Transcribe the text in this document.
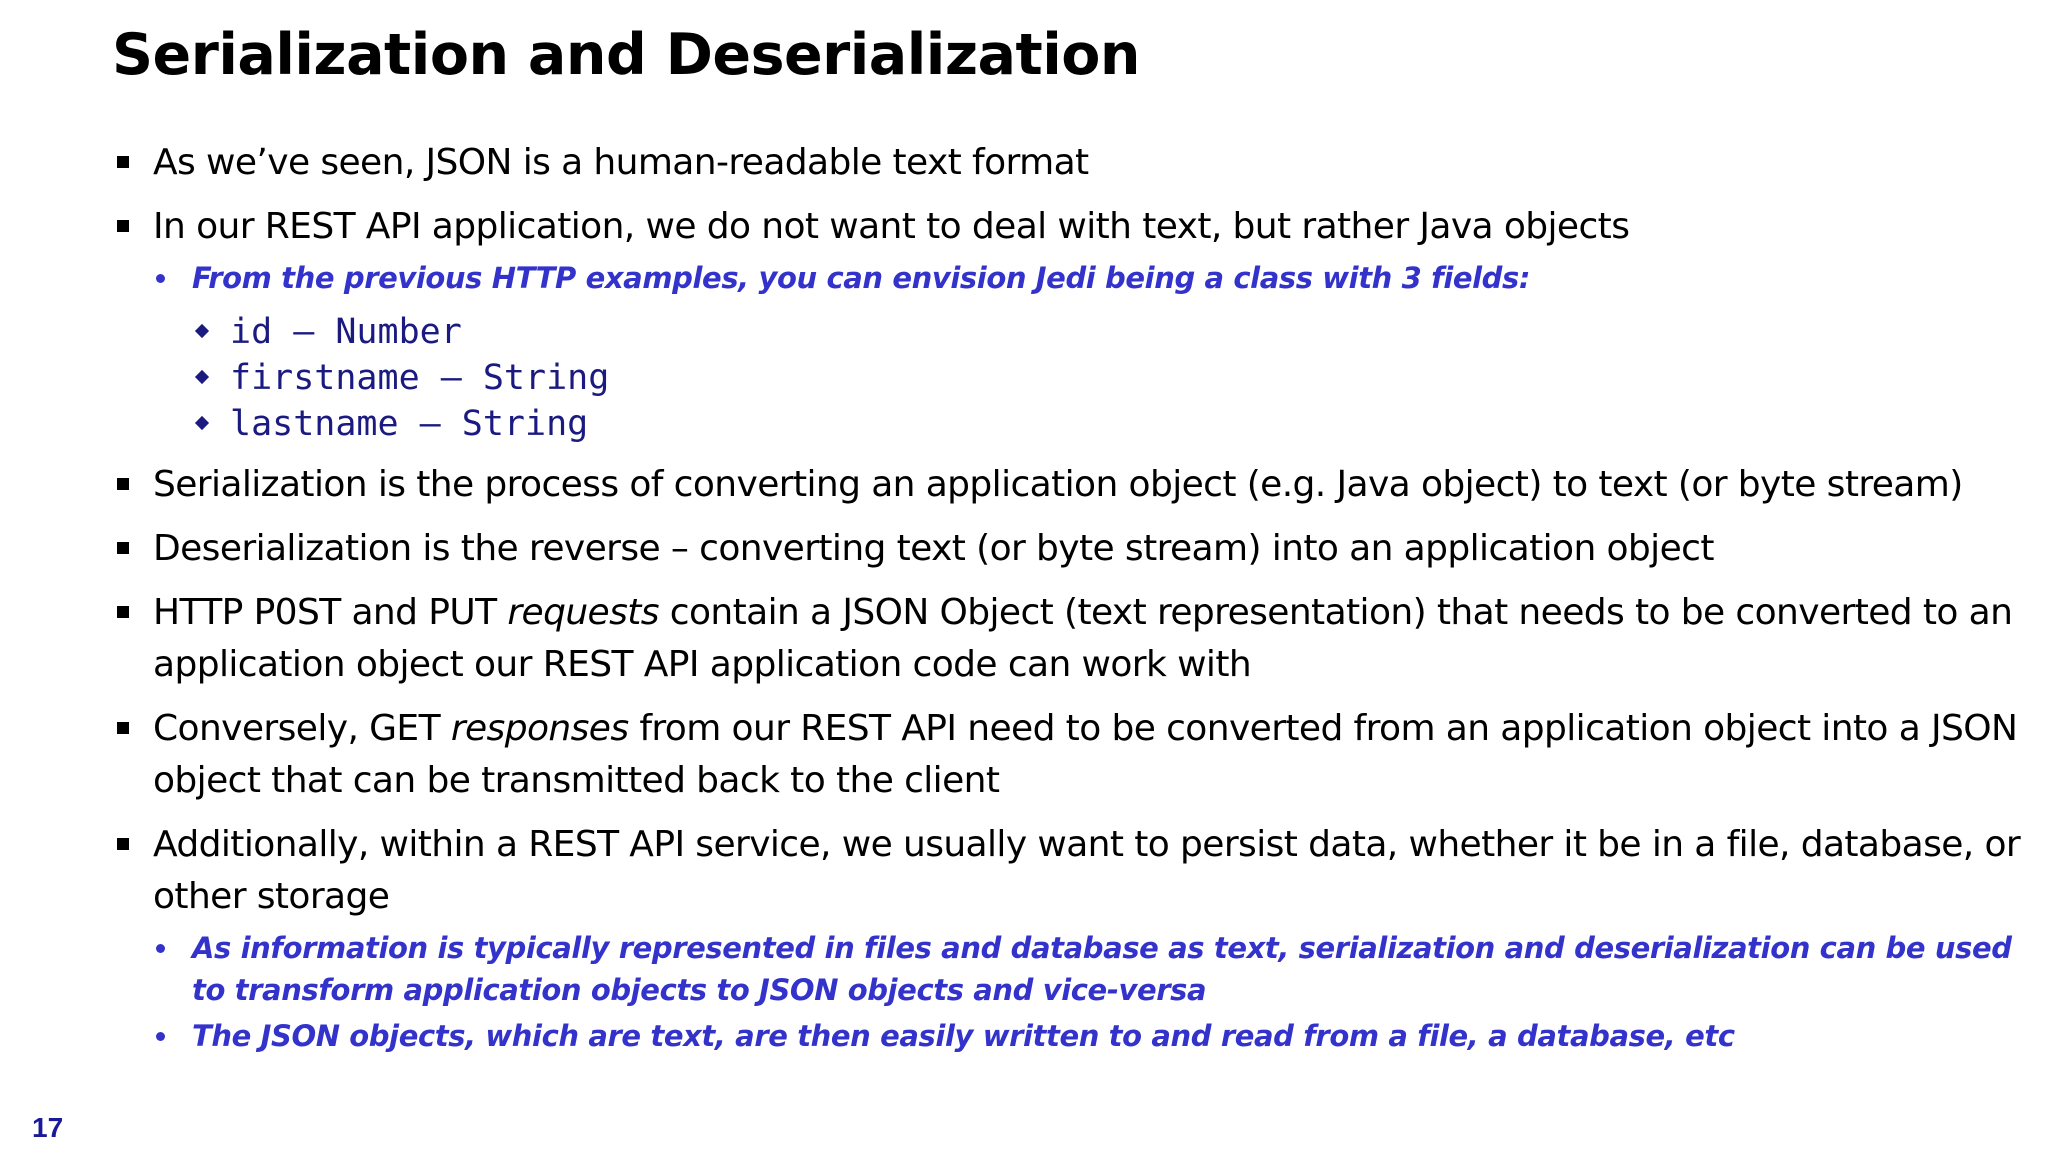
Serialization and Deserialization
As we’ve seen, JSON is a human-readable text format
In our REST API application, we do not want to deal with text, but rather Java objects
From the previous HTTP examples, you can envision Jedi being a class with 3 fields:
id – Number
firstname – String
lastname – String
Serialization is the process of converting an application object (e.g. Java object) to text (or byte stream)
Deserialization is the reverse – converting text (or byte stream) into an application object
HTTP P0ST and PUT requests contain a JSON Object (text representation) that needs to be converted to an application object our REST API application code can work with
Conversely, GET responses from our REST API need to be converted from an application object into a JSON object that can be transmitted back to the client
Additionally, within a REST API service, we usually want to persist data, whether it be in a file, database, or other storage
As information is typically represented in files and database as text, serialization and deserialization can be used to transform application objects to JSON objects and vice-versa
The JSON objects, which are text, are then easily written to and read from a file, a database, etc
17
